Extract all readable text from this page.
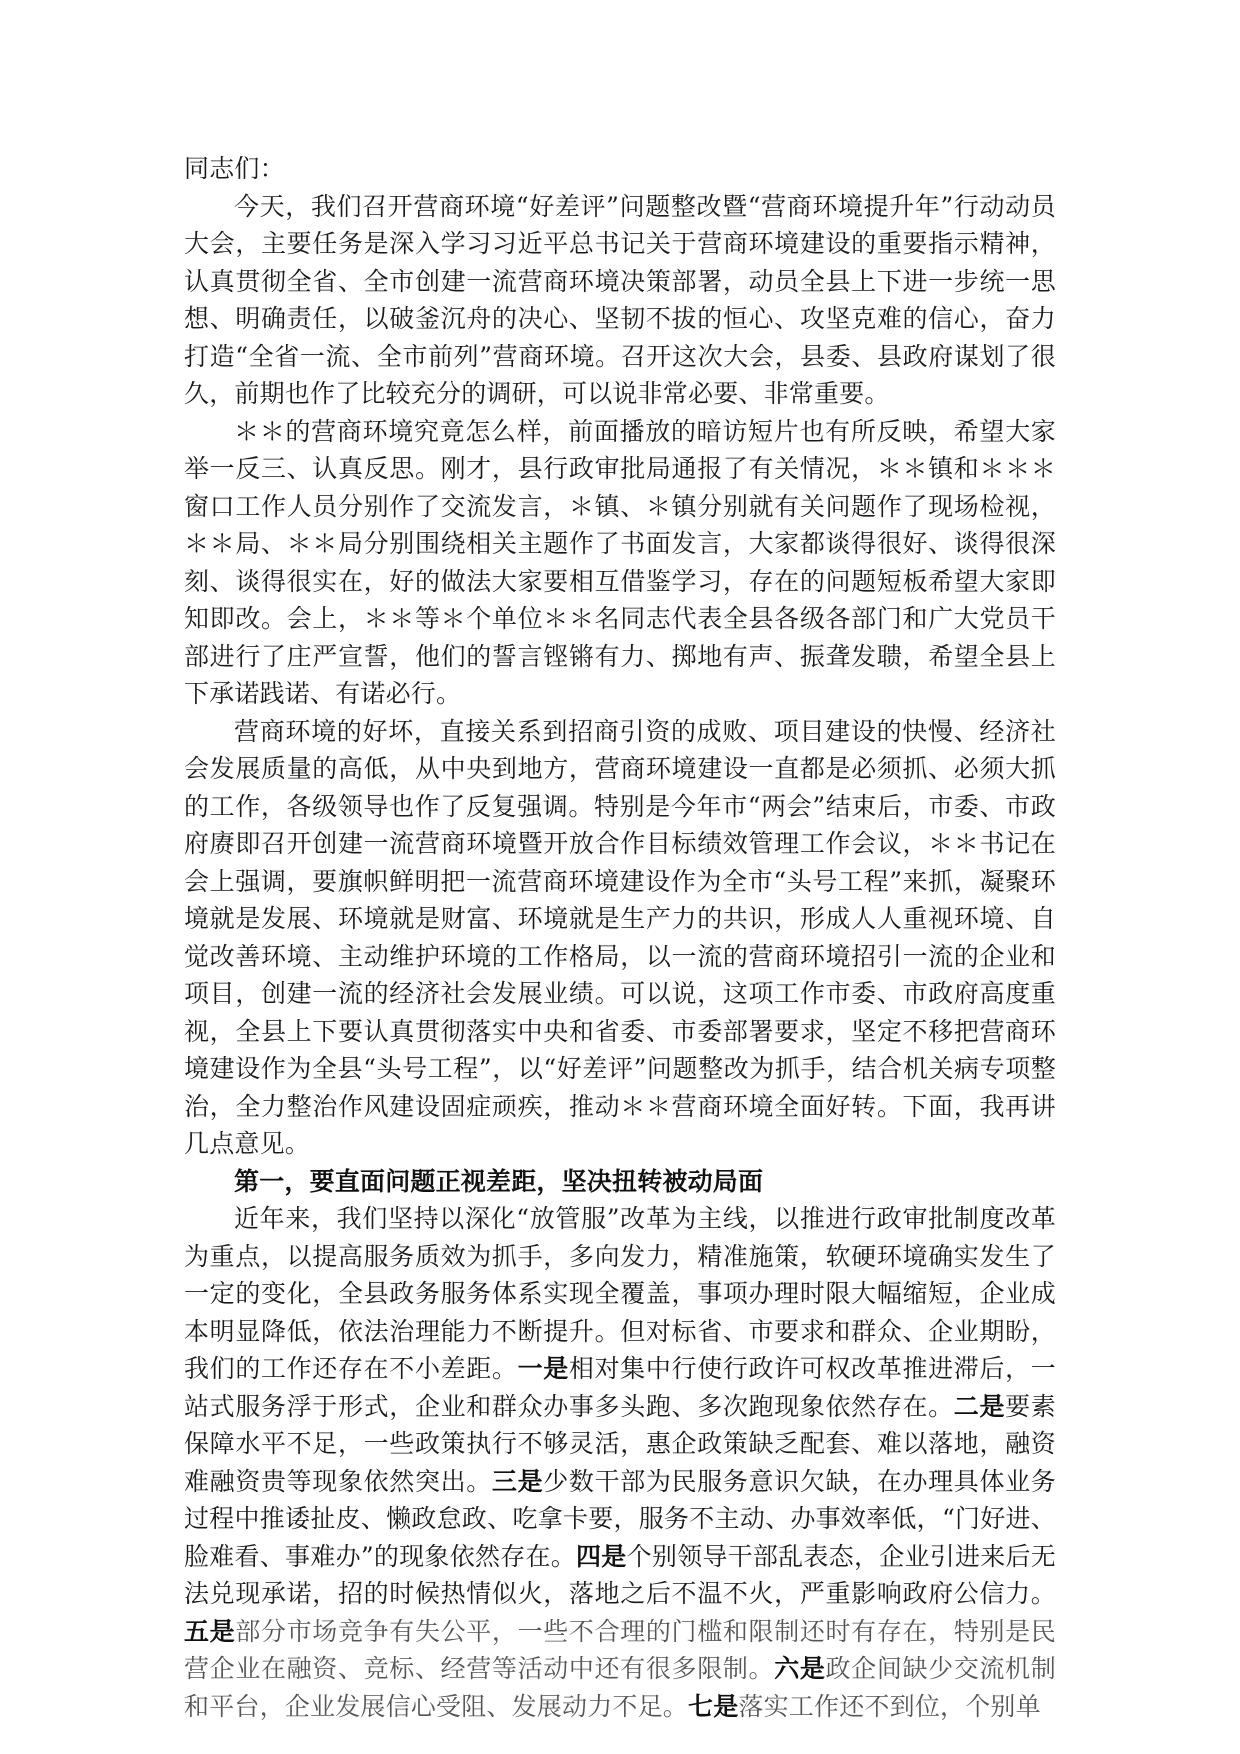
同志们：

今天，我们召开营商环境“好差评”问题整改暨“营商环境提升年”行动动员大会，主要任务是深入学习习近平总书记关于营商环境建设的重要指示精神，认真贯彻全省、全市创建一流营商环境决策部署，动员全县上下进一步统一思想、明确责任，以破釜沉舟的决心、坚韧不拔的恒心、攻坚克难的信心，奋力打造“全省一流、全市前列”营商环境。召开这次大会，县委、县政府谋划了很久，前期也作了比较充分的调研，可以说非常必要、非常重要。

＊＊的营商环境究竟怎么样，前面播放的暗访短片也有所反映，希望大家举一反三、认真反思。刚才，县行政审批局通报了有关情况，＊＊镇和＊＊＊窗口工作人员分别作了交流发言，＊镇、＊镇分别就有关问题作了现场检视，＊＊局、＊＊局分别围绕相关主题作了书面发言，大家都谈得很好、谈得很深刻、谈得很实在，好的做法大家要相互借鉴学习，存在的问题短板希望大家即知即改。会上，＊＊等＊个单位＊＊名同志代表全县各级各部门和广大党员干部进行了庄严宣誓，他们的誓言铿锵有力、掷地有声、振聋发聩，希望全县上下承诺践诺、有诺必行。

营商环境的好坏，直接关系到招商引资的成败、项目建设的快慢、经济社会发展质量的高低，从中央到地方，营商环境建设一直都是必须抓、必须大抓的工作，各级领导也作了反复强调。特别是今年市“两会”结束后，市委、市政府赓即召开创建一流营商环境暨开放合作目标绩效管理工作会议，＊＊书记在会上强调，要旗帜鲜明把一流营商环境建设作为全市“头号工程”来抓，凝聚环境就是发展、环境就是财富、环境就是生产力的共识，形成人人重视环境、自觉改善环境、主动维护环境的工作格局，以一流的营商环境招引一流的企业和项目，创建一流的经济社会发展业绩。可以说，这项工作市委、市政府高度重视，全县上下要认真贯彻落实中央和省委、市委部署要求，坚定不移把营商环境建设作为全县“头号工程”，以“好差评”问题整改为抓手，结合机关病专项整治，全力整治作风建设固症顽疾，推动＊＊营商环境全面好转。下面，我再讲几点意见。

第一，要直面问题正视差距，坚决扭转被动局面

近年来，我们坚持以深化“放管服”改革为主线，以推进行政审批制度改革为重点，以提高服务质效为抓手，多向发力，精准施策，软硬环境确实发生了一定的变化，全县政务服务体系实现全覆盖，事项办理时限大幅缩短，企业成本明显降低，依法治理能力不断提升。但对标省、市要求和群众、企业期盼，我们的工作还存在不小差距。一是相对集中行使行政许可权改革推进滞后，一站式服务浮于形式，企业和群众办事多头跑、多次跑现象依然存在。二是要素保障水平不足，一些政策执行不够灵活，惠企政策缺乏配套、难以落地，融资难融资贵等现象依然突出。三是少数干部为民服务意识欠缺，在办理具体业务过程中推诿扯皮、懒政怠政、吃拿卡要，服务不主动、办事效率低，“门好进、脸难看、事难办”的现象依然存在。四是个别领导干部乱表态，企业引进来后无法兑现承诺，招的时候热情似火，落地之后不温不火，严重影响政府公信力。五是部分市场竞争有失公平，一些不合理的门槛和限制还时有存在，特别是民营企业在融资、竞标、经营等活动中还有很多限制。六是政企间缺少交流机制和平台，企业发展信心受阻、发展动力不足。七是落实工作还不到位，个别单
